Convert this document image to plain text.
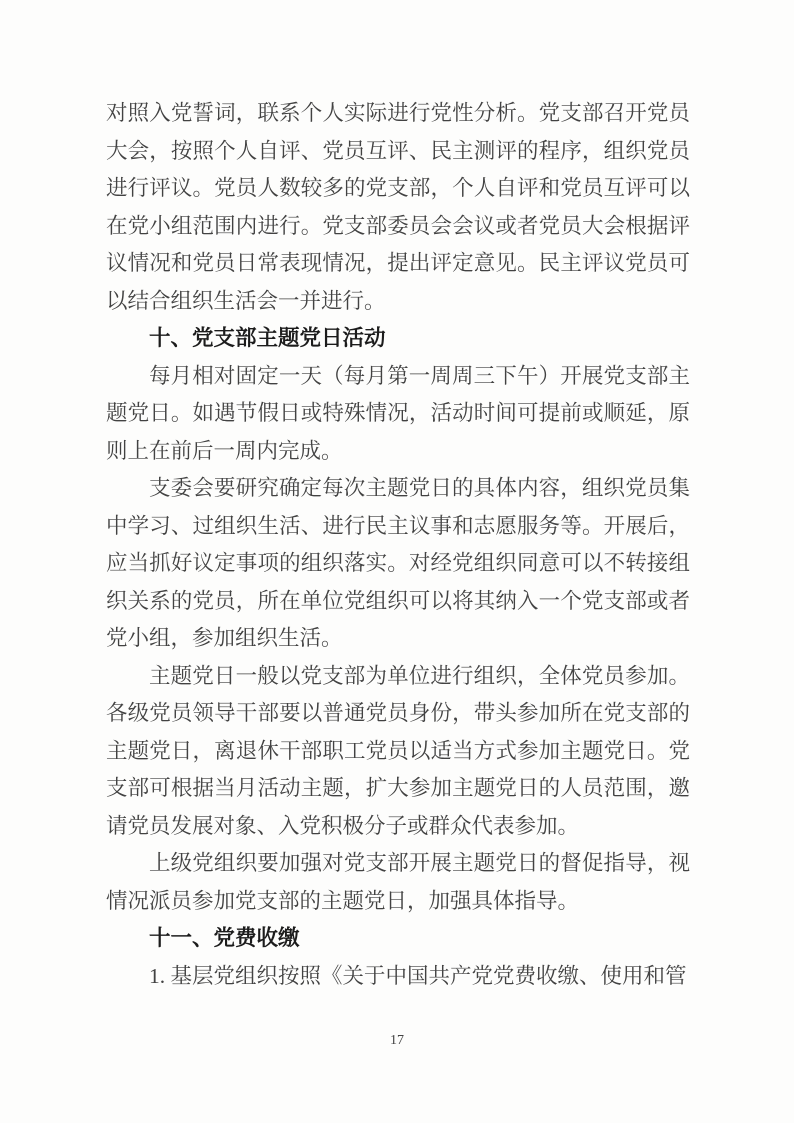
对照入党誓词，联系个人实际进行党性分析。党支部召开党员大会，按照个人自评、党员互评、民主测评的程序，组织党员进行评议。党员人数较多的党支部，个人自评和党员互评可以在党小组范围内进行。党支部委员会会议或者党员大会根据评议情况和党员日常表现情况，提出评定意见。民主评议党员可以结合组织生活会一并进行。

十、党支部主题党日活动

每月相对固定一天（每月第一周周三下午）开展党支部主题党日。如遇节假日或特殊情况，活动时间可提前或顺延，原则上在前后一周内完成。

支委会要研究确定每次主题党日的具体内容，组织党员集中学习、过组织生活、进行民主议事和志愿服务等。开展后，应当抓好议定事项的组织落实。对经党组织同意可以不转接组织关系的党员，所在单位党组织可以将其纳入一个党支部或者党小组，参加组织生活。

主题党日一般以党支部为单位进行组织，全体党员参加。各级党员领导干部要以普通党员身份，带头参加所在党支部的主题党日，离退休干部职工党员以适当方式参加主题党日。党支部可根据当月活动主题，扩大参加主题党日的人员范围，邀请党员发展对象、入党积极分子或群众代表参加。

上级党组织要加强对党支部开展主题党日的督促指导，视情况派员参加党支部的主题党日，加强具体指导。

十一、党费收缴

1. 基层党组织按照《关于中国共产党党费收缴、使用和管

17
